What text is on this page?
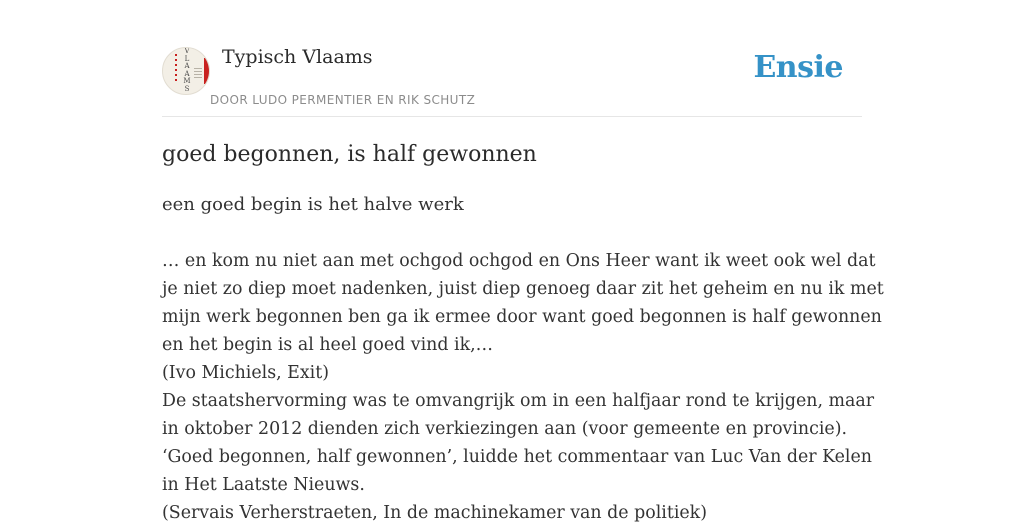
V
L
A
A
M
S
Typisch Vlaams
DOOR LUDO PERMENTIER EN RIK SCHUTZ
Ensie
goed begonnen, is half gewonnen

een goed begin is het halve werk

… en kom nu niet aan met ochgod ochgod en Ons Heer want ik weet ook wel dat
je niet zo diep moet nadenken, juist diep genoeg daar zit het geheim en nu ik met
mijn werk begonnen ben ga ik ermee door want goed begonnen is half gewonnen
en het begin is al heel goed vind ik,…
(Ivo Michiels, Exit)
De staatshervorming was te omvangrijk om in een halfjaar rond te krijgen, maar
in oktober 2012 dienden zich verkiezingen aan (voor gemeente en provincie).
‘Goed begonnen, half gewonnen’, luidde het commentaar van Luc Van der Kelen
in Het Laatste Nieuws.
(Servais Verherstraeten, In de machinekamer van de politiek)
